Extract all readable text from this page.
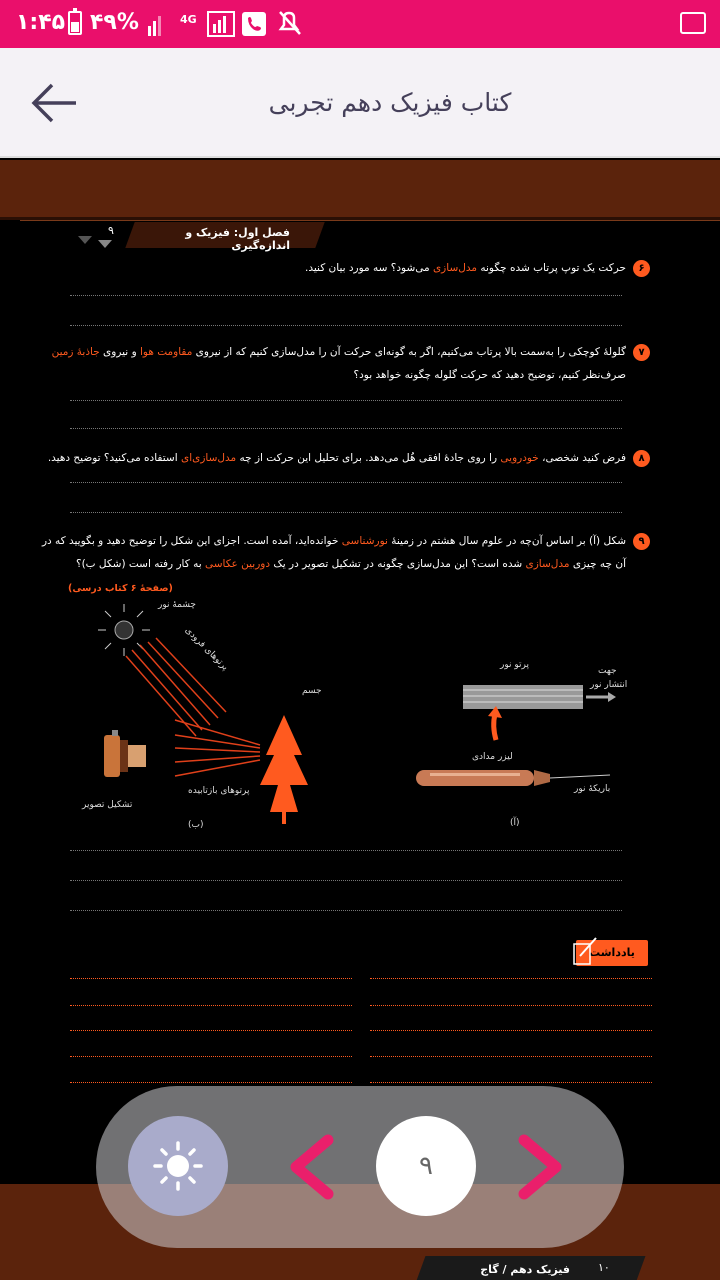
۱:۴۵ ۴۹%	4G
کتاب فیزیک دهم تجربی
فصل اول: فیزیک و اندازه‌گیری
۹
۶
حرکت یک توپ پرتاب شده چگونه مدل‌سازی می‌شود؟ سه مورد بیان کنید.
۷
گلولهٔ کوچکی را به‌سمت بالا پرتاب می‌کنیم، اگر به گونه‌ای حرکت آن را مدل‌سازی کنیم که از نیروی مقاومت هوا و نیروی جاذبهٔ زمین
صرف‌نظر کنیم، توضیح دهید که حرکت گلوله چگونه خواهد بود؟
۸
فرض کنید شخصی، خودرویی را روی جادهٔ افقی هُل می‌دهد. برای تحلیل این حرکت از چه مدل‌سازی‌ای استفاده می‌کنید؟ توضیح دهید.
۹
شکل (آ) بر اساس آن‌چه در علوم سال هشتم در زمینهٔ نورشناسی خوانده‌اید، آمده است. اجزای این شکل را توضیح دهید و بگویید که در
آن چه چیزی مدل‌سازی شده است؟ این مدل‌سازی چگونه در تشکیل تصویر در یک دوربین عکاسی به کار رفته است (شکل ب)؟
(صفحهٔ ۶ کتاب درسی)
چشمهٔ نور
پرتوهای فرودی
جسم
پرتوهای بازتابیده
تشکیل تصویر
(ب)
پرتو نور
جهت
انتشار نور
لیزر مدادی
باریکهٔ نور
(آ)
یادداشت
فیزیک دهم / گاج	۱۰
۹
